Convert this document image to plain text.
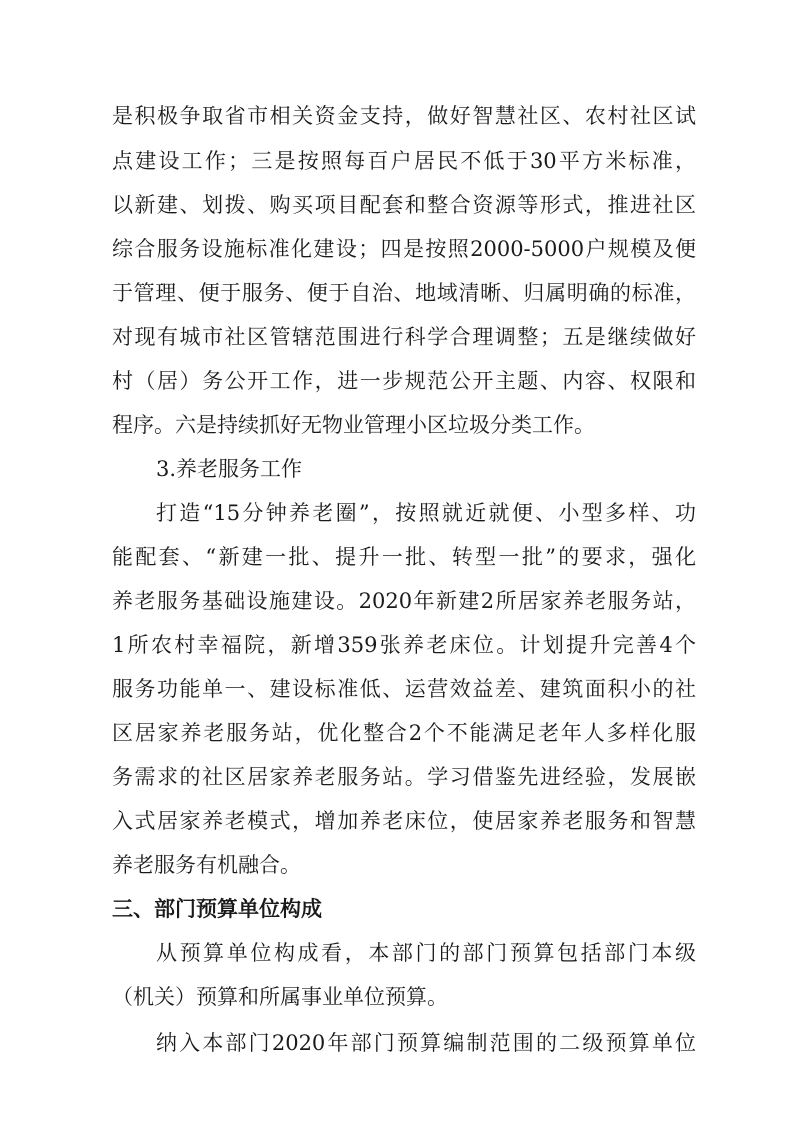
是积极争取省市相关资金支持，做好智慧社区、农村社区试
点建设工作；三是按照每百户居民不低于30平方米标准，
以新建、划拨、购买项目配套和整合资源等形式，推进社区
综合服务设施标准化建设；四是按照2000-5000户规模及便
于管理、便于服务、便于自治、地域清晰、归属明确的标准，
对现有城市社区管辖范围进行科学合理调整；五是继续做好
村（居）务公开工作，进一步规范公开主题、内容、权限和
程序。六是持续抓好无物业管理小区垃圾分类工作。
3.养老服务工作
打造“15分钟养老圈”，按照就近就便、小型多样、功
能配套、“新建一批、提升一批、转型一批”的要求，强化
养老服务基础设施建设。2020年新建2所居家养老服务站，
1所农村幸福院，新增359张养老床位。计划提升完善4个
服务功能单一、建设标准低、运营效益差、建筑面积小的社
区居家养老服务站，优化整合2个不能满足老年人多样化服
务需求的社区居家养老服务站。学习借鉴先进经验，发展嵌
入式居家养老模式，增加养老床位，使居家养老服务和智慧
养老服务有机融合。
三、部门预算单位构成
从预算单位构成看，本部门的部门预算包括部门本级
（机关）预算和所属事业单位预算。
纳入本部门2020年部门预算编制范围的二级预算单位
